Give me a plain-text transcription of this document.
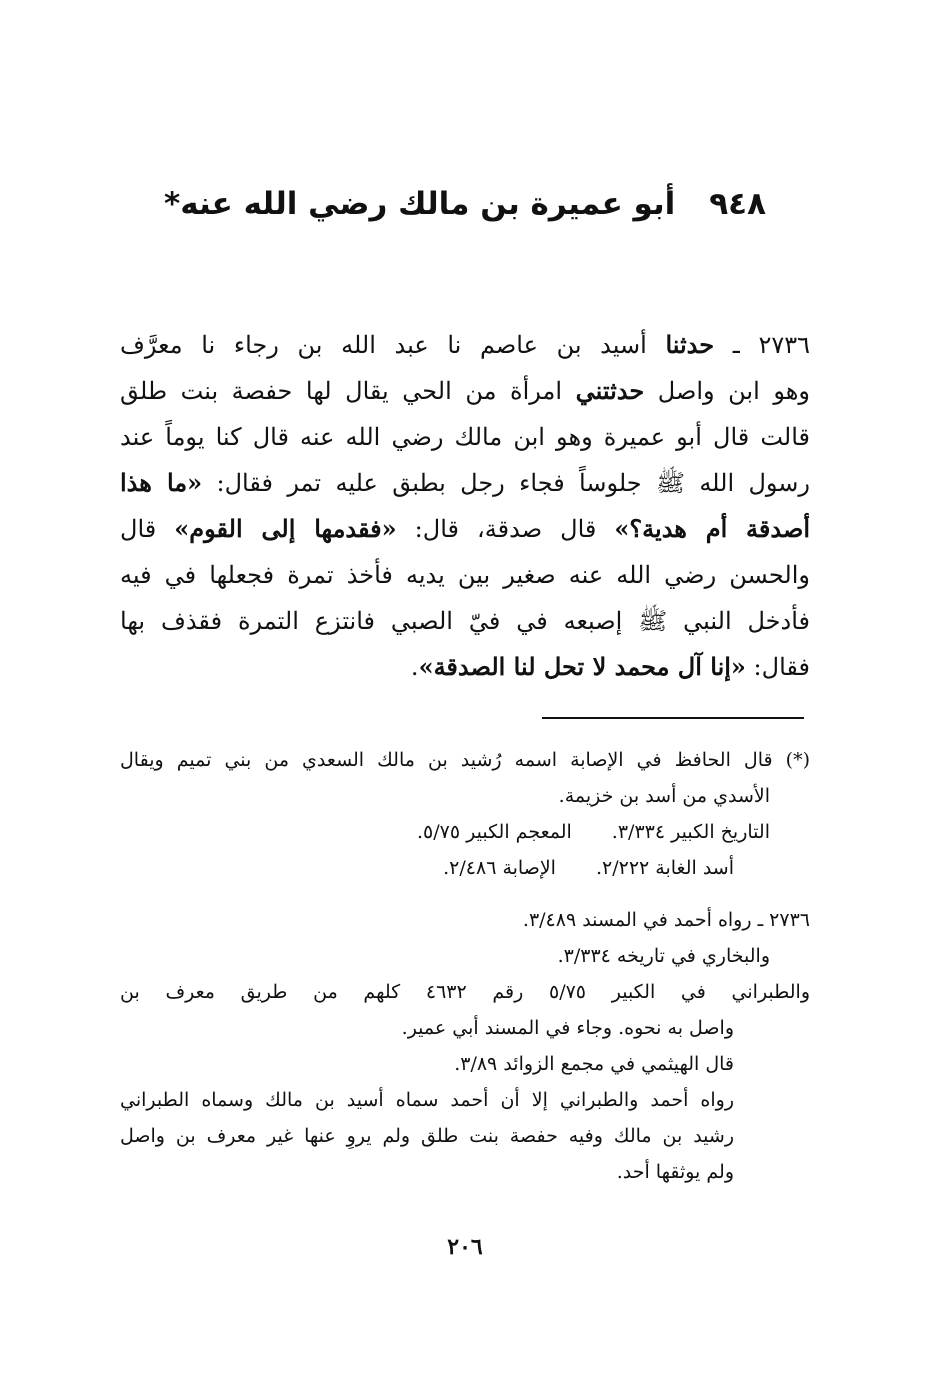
٩٤٨
أبو عميرة بن مالك رضي الله عنه*
٢٧٣٦ ـ حدثنا أسيد بن عاصم نا عبد الله بن رجاء نا معرَّف
وهو ابن واصل حدثتني امرأة من الحي يقال لها حفصة بنت طلق
قالت قال أبو عميرة وهو ابن مالك رضي الله عنه قال كنا يوماً عند
رسول الله ﷺ جلوساً فجاء رجل بطبق عليه تمر فقال: «ما هذا
أصدقة أم هدية؟» قال صدقة، قال: «فقدمها إلى القوم» قال
والحسن رضي الله عنه صغير بين يديه فأخذ تمرة فجعلها في فيه
فأدخل النبي ﷺ إصبعه في فيّ الصبي فانتزع التمرة فقذف بها
فقال: «إنا آل محمد لا تحل لنا الصدقة».
(*) قال الحافظ في الإصابة اسمه رُشيد بن مالك السعدي من بني تميم ويقال
الأسدي من أسد بن خزيمة.
التاريخ الكبير ٣/٣٣٤.
المعجم الكبير ٥/٧٥.
أسد الغابة ٢/٢٢٢.
الإصابة ٢/٤٨٦.
٢٧٣٦ ـ رواه أحمد في المسند ٣/٤٨٩.
والبخاري في تاريخه ٣/٣٣٤.
والطبراني في الكبير ٥/٧٥ رقم ٤٦٣٢ كلهم من طريق معرف بن
واصل به نحوه. وجاء في المسند أبي عمير.
قال الهيثمي في مجمع الزوائد ٣/٨٩.
رواه أحمد والطبراني إلا أن أحمد سماه أسيد بن مالك وسماه الطبراني
رشيد بن مالك وفيه حفصة بنت طلق ولم يروِ عنها غير معرف بن واصل
ولم يوثقها أحد.
٢٠٦
